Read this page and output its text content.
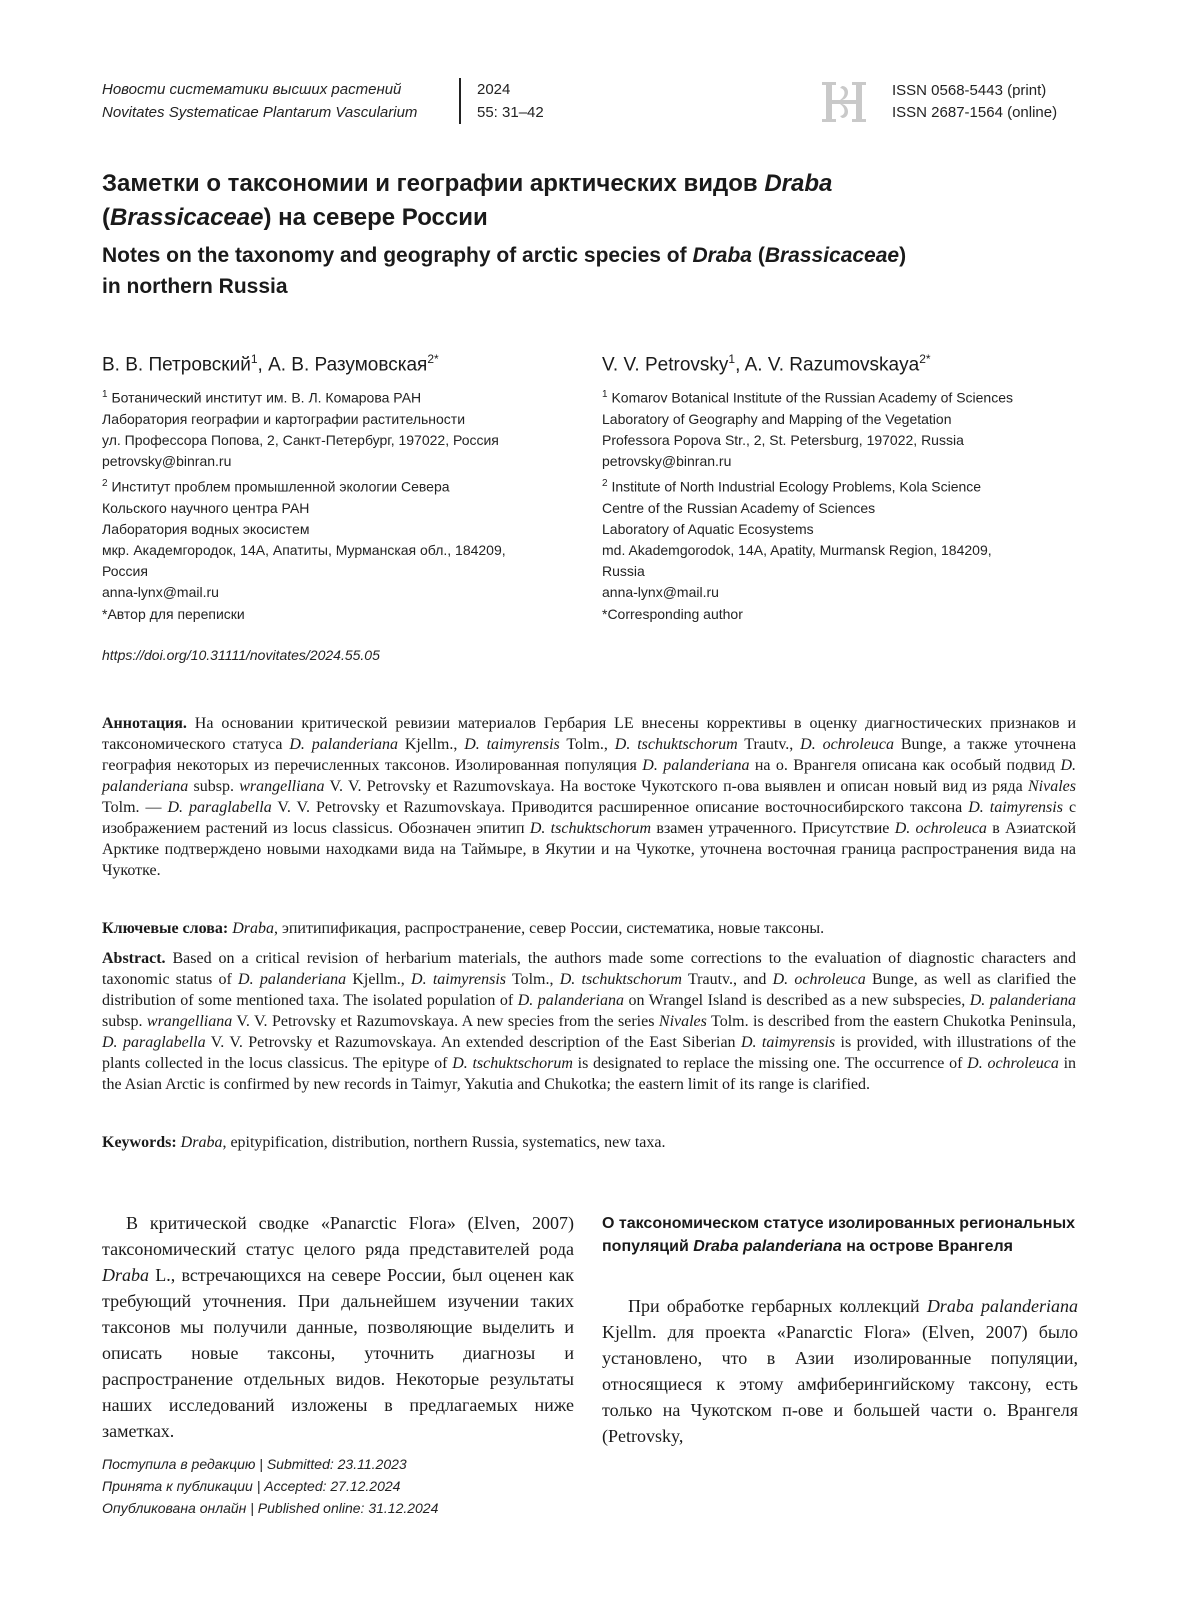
Новости систематики высших растений
Novitates Systematicae Plantarum Vascularium
2024
55: 31–42
ISSN 0568-5443 (print)
ISSN 2687-1564 (online)
Заметки о таксономии и географии арктических видов Draba
(Brassicaceae) на севере России
Notes on the taxonomy and geography of arctic species of Draba (Brassicaceae)
in northern Russia
В. В. Петровский$^1$, А. В. Разумовская$^{2*}$	V. V. Petrovsky$^1$, A. V. Razumovskaya$^{2*}$
$^1$ Ботанический институт им. В. Л. Комарова РАН
Лаборатория географии и картографии растительности
ул. Профессора Попова, 2, Санкт-Петербург, 197022, Россия
petrovsky@binran.ru
$^2$ Институт проблем промышленной экологии Севера
Кольского научного центра РАН
Лаборатория водных экосистем
мкр. Академгородок, 14А, Апатиты, Мурманская обл., 184209,
Россия
anna-lynx@mail.ru
*Автор для переписки
$^1$ Komarov Botanical Institute of the Russian Academy of Sciences
Laboratory of Geography and Mapping of the Vegetation
Professora Popova Str., 2, St. Petersburg, 197022, Russia
petrovsky@binran.ru
$^2$ Institute of North Industrial Ecology Problems, Kola Science
Centre of the Russian Academy of Sciences
Laboratory of Aquatic Ecosystems
md. Akademgorodok, 14A, Apatity, Murmansk Region, 184209,
Russia
anna-lynx@mail.ru
*Corresponding author
https://doi.org/10.31111/novitates/2024.55.05
Аннотация. На основании критической ревизии материалов Гербария LE внесены коррективы в оценку диагностических признаков и таксономического статуса D. palanderiana Kjellm., D. taimyrensis Tolm., D. tschuktschorum Trautv., D. ochroleuca Bunge, а также уточнена география некоторых из перечисленных таксонов. Изолированная популяция D. palanderiana на о. Врангеля описана как особый подвид D. palanderiana subsp. wrangelliana V. V. Petrovsky et Razumovskaya. На востоке Чукотского п-ова выявлен и описан новый вид из ряда Nivales Tolm. — D. paraglabella V. V. Petrovsky et Razumovskaya. Приводится расширенное описание восточносибирского таксона D. taimyrensis с изображением растений из locus classicus. Обозначен эпитип D. tschuktschorum взамен утраченного. Присутствие D. ochroleuca в Азиатской Арктике подтверждено новыми находками вида на Таймыре, в Якутии и на Чукотке, уточнена восточная граница распространения вида на Чукотке.
Ключевые слова: Draba, эпитипификация, распространение, север России, систематика, новые таксоны.
Abstract. Based on a critical revision of herbarium materials, the authors made some corrections to the evaluation of diagnostic characters and taxonomic status of D. palanderiana Kjellm., D. taimyrensis Tolm., D. tschuktschorum Trautv., and D. ochroleuca Bunge, as well as clarified the distribution of some mentioned taxa. The isolated population of D. palanderiana on Wrangel Island is described as a new subspecies, D. palanderiana subsp. wrangelliana V. V. Petrovsky et Razumovskaya. A new species from the series Nivales Tolm. is described from the eastern Chukotka Peninsula, D. paraglabella V. V. Petrovsky et Razumovskaya. An extended description of the East Siberian D. taimyrensis is provided, with illustrations of the plants collected in the locus classicus. The epitype of D. tschuktschorum is designated to replace the missing one. The occurrence of D. ochroleuca in the Asian Arctic is confirmed by new records in Taimyr, Yakutia and Chukotka; the eastern limit of its range is clarified.
Keywords: Draba, epitypification, distribution, northern Russia, systematics, new taxa.
В критической сводке «Panarctic Flora» (Elven, 2007) таксономический статус целого ряда представителей рода Draba L., встречающихся на севере России, был оценен как требующий уточнения. При дальнейшем изучении таких таксонов мы получили данные, позволяющие выделить и описать новые таксоны, уточнить диагнозы и распространение отдельных видов. Некоторые результаты наших исследований изложены в предлагаемых ниже заметках.
О таксономическом статусе изолированных региональных популяций Draba palanderiana на острове Врангеля
При обработке гербарных коллекций Draba palanderiana Kjellm. для проекта «Panarctic Flora» (Elven, 2007) было установлено, что в Азии изолированные популяции, относящиеся к этому амфиберингийскому таксону, есть только на Чукотском п-ове и большей части о. Врангеля (Petrovsky,
Поступила в редакцию | Submitted: 23.11.2023
Принята к публикации | Accepted: 27.12.2024
Опубликована онлайн | Published online: 31.12.2024
